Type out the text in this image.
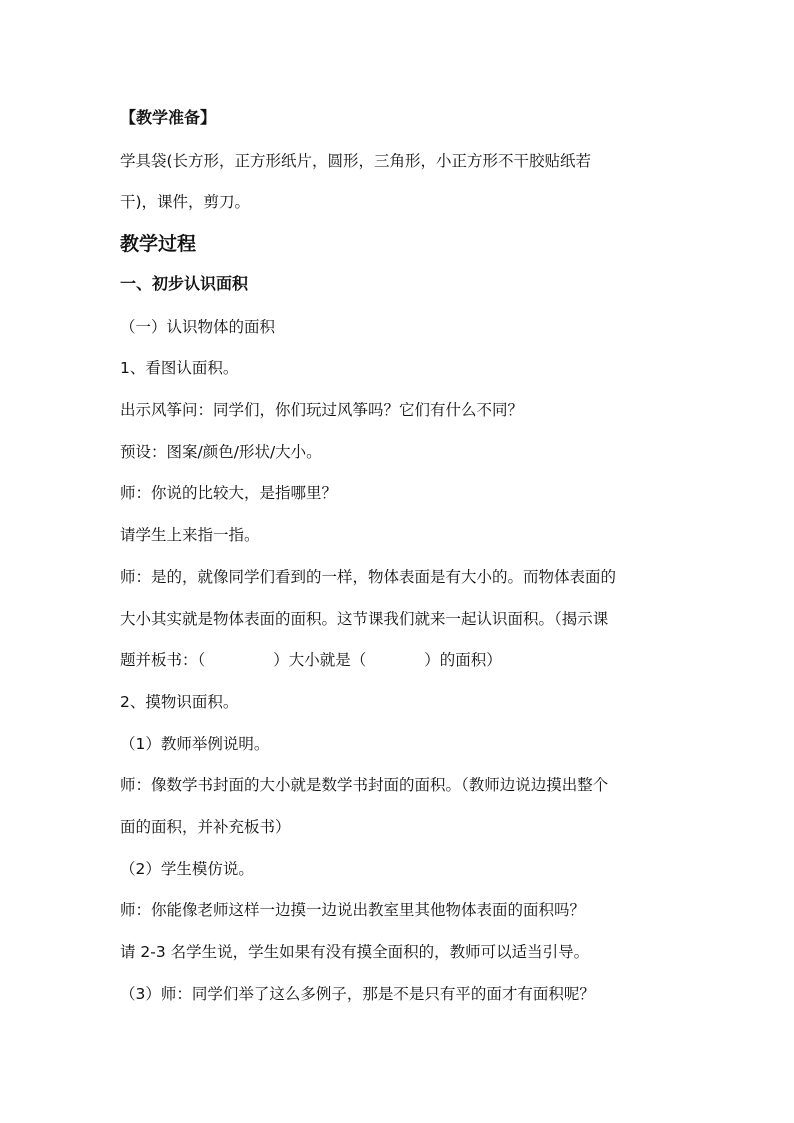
【教学准备】
学具袋(长方形，正方形纸片，圆形，三角形，小正方形不干胶贴纸若
干)，课件，剪刀。
教学过程
一、初步认识面积
（一）认识物体的面积
1、看图认面积。
出示风筝问：同学们，你们玩过风筝吗？它们有什么不同？
预设：图案/颜色/形状/大小。
师：你说的比较大，是指哪里？
请学生上来指一指。
师：是的，就像同学们看到的一样，物体表面是有大小的。而物体表面的
大小其实就是物体表面的面积。这节课我们就来一起认识面积。（揭示课
题并板书：（	）大小就是（	）的面积）
2、摸物识面积。
（1）教师举例说明。
师：像数学书封面的大小就是数学书封面的面积。（教师边说边摸出整个
面的面积，并补充板书）
（2）学生模仿说。
师：你能像老师这样一边摸一边说出教室里其他物体表面的面积吗？
请 2-3 名学生说，学生如果有没有摸全面积的，教师可以适当引导。
（3）师：同学们举了这么多例子，那是不是只有平的面才有面积呢？
